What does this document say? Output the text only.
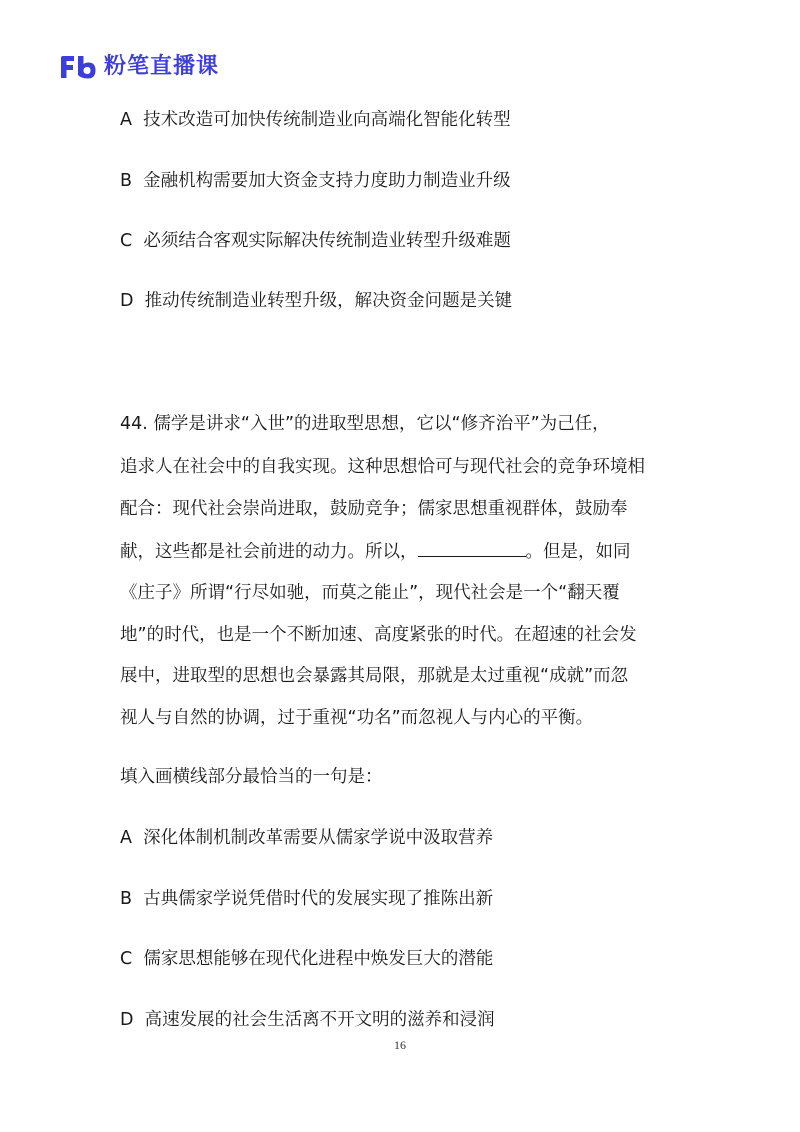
粉笔直播课
A 技术改造可加快传统制造业向高端化智能化转型
B 金融机构需要加大资金支持力度助力制造业升级
C 必须结合客观实际解决传统制造业转型升级难题
D 推动传统制造业转型升级，解决资金问题是关键
44. 儒学是讲求“入世”的进取型思想，它以“修齐治平”为己任，
追求人在社会中的自我实现。这种思想恰可与现代社会的竞争环境相
配合：现代社会崇尚进取，鼓励竞争；儒家思想重视群体，鼓励奉
献，这些都是社会前进的动力。所以，	。但是，如同
《庄子》所谓“行尽如驰，而莫之能止”，现代社会是一个“翻天覆
地”的时代，也是一个不断加速、高度紧张的时代。在超速的社会发
展中，进取型的思想也会暴露其局限，那就是太过重视“成就”而忽
视人与自然的协调，过于重视“功名”而忽视人与内心的平衡。
填入画横线部分最恰当的一句是：
A 深化体制机制改革需要从儒家学说中汲取营养
B 古典儒家学说凭借时代的发展实现了推陈出新
C 儒家思想能够在现代化进程中焕发巨大的潜能
D 高速发展的社会生活离不开文明的滋养和浸润
16
